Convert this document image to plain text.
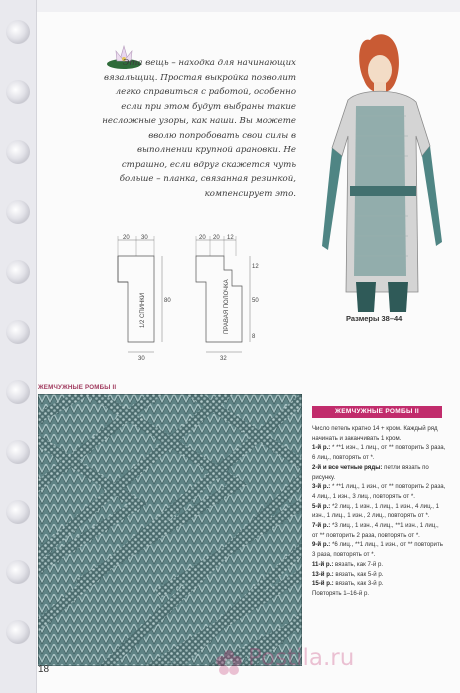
Эта вещь – находка для начинающих вязальщиц. Простая выкройка позволит легко справиться с работой, особенно если при этом будут выбраны такие несложные узоры, как наши. Вы можете вволю попробовать свои силы в выполнении крупной арановки. Не страшно, если вдруг скажется чуть больше – планка, связанная резинкой, компенсирует это.
Размеры 38–44
20 30
30
80
1/2 СПИНКИ
20 20 12
32
12
50
8
ПРАВАЯ ПОЛОЧКА
ЖЕМЧУЖНЫЕ РОМБЫ II
ЖЕМЧУЖНЫЕ РОМБЫ II

Число петель кратно 14 + кром. Каждый ряд начинать и заканчивать 1 кром.

1-й р.: * **1 изн., 1 лиц., от ** повторить 3 раза, 6 лиц., повторять от *.

2-й и все четные ряды: петли вязать по рисунку.

3-й р.: * **1 лиц., 1 изн., от ** повторить 2 раза, 4 лиц., 1 изн., 3 лиц., повторять от *.

5-й р.: *2 лиц., 1 изн., 1 лиц., 1 изн., 4 лиц., 1 изн., 1 лиц., 1 изн., 2 лиц., повторять от *.

7-й р.: *3 лиц., 1 изн., 4 лиц., **1 изн., 1 лиц., от ** повторить 2 раза, повторять от *.

9-й р.: *6 лиц., **1 лиц., 1 изн., от ** повторить 3 раза, повторять от *.

11-й р.: вязать, как 7-й р.

13-й р.: вязать, как 5-й р.

15-й р.: вязать, как 3-й р.

Повторять 1–16-й р.

Postila.ru
18
